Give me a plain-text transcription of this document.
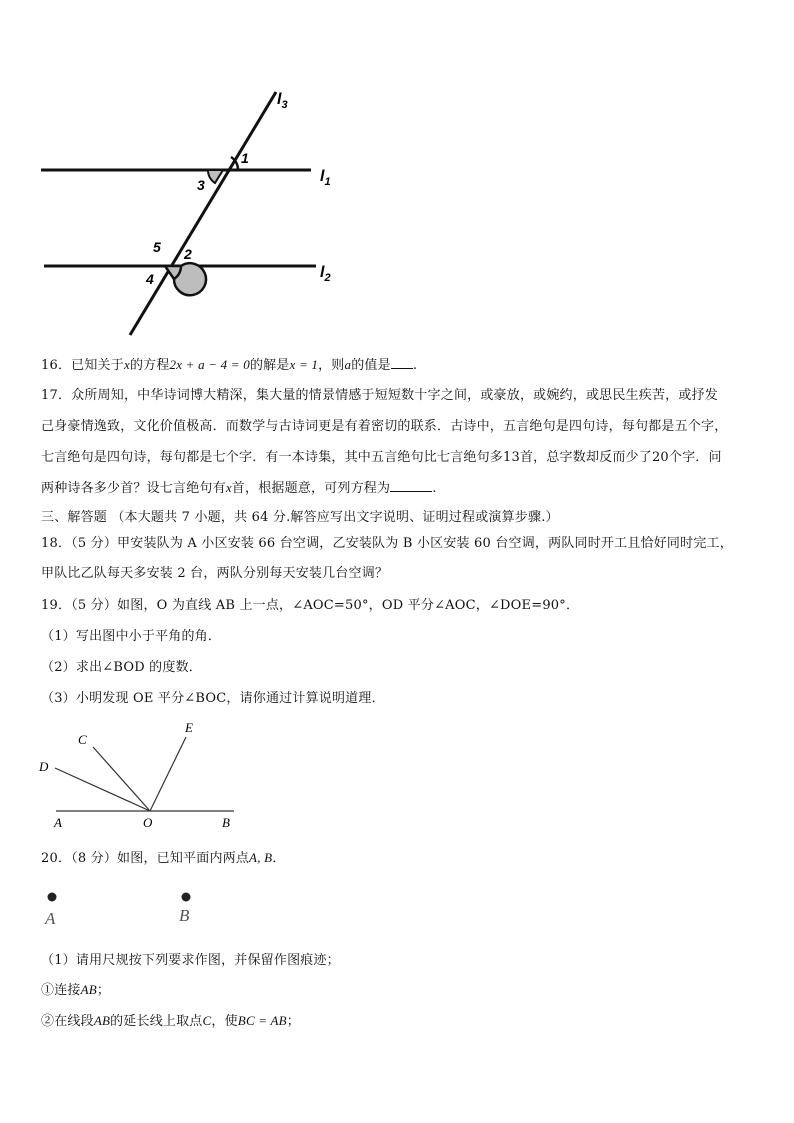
$l_3$
$l_1$
$l_2$
1
3
5 2
4
16．已知关于x的方程2x + a − 4 = 0的解是x = 1，则a的值是 .
17．众所周知，中华诗词博大精深，集大量的情景情感于短短数十字之间，或豪放，或婉约，或思民生疾苦，或抒发
己身豪情逸致，文化价值极高．而数学与古诗词更是有着密切的联系．古诗中，五言绝句是四句诗，每句都是五个字，
七言绝句是四句诗，每句都是七个字．有一本诗集，其中五言绝句比七言绝句多13首，总字数却反而少了20个字．问
两种诗各多少首？设七言绝句有x首，根据题意，可列方程为	.
三、解答题 （本大题共 7 小题，共 64 分.解答应写出文字说明、证明过程或演算步骤.）
18．（5 分）甲安装队为 A 小区安装 66 台空调，乙安装队为 B 小区安装 60 台空调，两队同时开工且恰好同时完工，
甲队比乙队每天多安装 2 台，两队分别每天安装几台空调？
19．（5 分）如图，O 为直线 AB 上一点，∠AOC=50°，OD 平分∠AOC，∠DOE=90°．
（1）写出图中小于平角的角．
（2）求出∠BOD 的度数．
（3）小明发现 OE 平分∠BOC，请你通过计算说明道理．
C
E
D
A	O	B
20．（8 分）如图，已知平面内两点A, B．
A	B
（1）请用尺规按下列要求作图，并保留作图痕迹；
①连接AB；
②在线段AB的延长线上取点C，使BC = AB；
